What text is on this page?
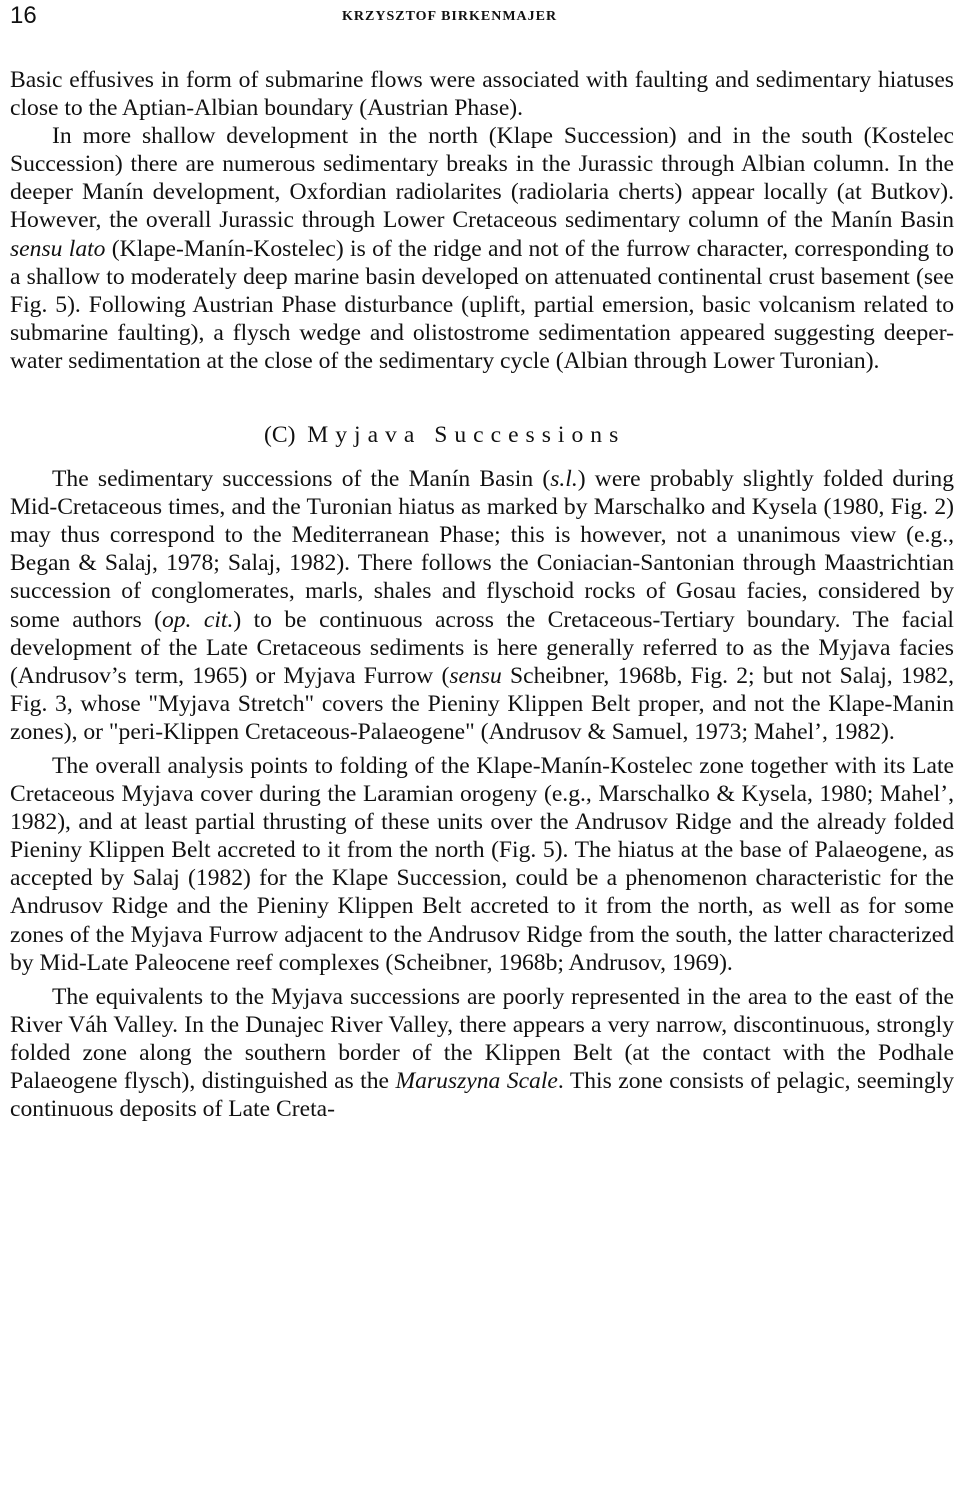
16	KRZYSZTOF BIRKENMAJER

Basic effusives in form of submarine flows were associated with faulting and sedimentary hiatuses close to the Aptian-Albian boundary (Austrian Phase).

In more shallow development in the north (Klape Succession) and in the south (Kostelec Succession) there are numerous sedimentary breaks in the Jurassic through Albian column. In the deeper Manín development, Oxfordian radiolarites (radiolaria cherts) appear locally (at Butkov). However, the overall Jurassic through Lower Cretaceous sedimentary column of the Manín Basin sensu lato (Klape-Manín-Kostelec) is of the ridge and not of the furrow character, corresponding to a shallow to moderately deep marine basin developed on attenuated continental crust basement (see Fig. 5). Following Austrian Phase disturbance (uplift, partial emersion, basic volcanism related to submarine faulting), a flysch wedge and olistostrome sedimentation appeared suggesting deeper-water sedimentation at the close of the sedimentary cycle (Albian through Lower Turonian).

(C) Myjava Successions

The sedimentary successions of the Manín Basin (s.l.) were probably slightly folded during Mid-Cretaceous times, and the Turonian hiatus as marked by Marschalko and Kysela (1980, Fig. 2) may thus correspond to the Mediterranean Phase; this is however, not a unanimous view (e.g., Began & Salaj, 1978; Salaj, 1982). There follows the Coniacian-Santonian through Maastrichtian succession of conglomerates, marls, shales and flyschoid rocks of Gosau facies, considered by some authors (op. cit.) to be continuous across the Cretaceous-Tertiary boundary. The facial development of the Late Cretaceous sediments is here generally referred to as the Myjava facies (Andrusov’s term, 1965) or Myjava Furrow (sensu Scheibner, 1968b, Fig. 2; but not Salaj, 1982, Fig. 3, whose "Myjava Stretch" covers the Pieniny Klippen Belt proper, and not the Klape-Manin zones), or "peri-Klippen Cretaceous-Palaeogene" (Andrusov & Samuel, 1973; Mahel’, 1982).

The overall analysis points to folding of the Klape-Manín-Kostelec zone together with its Late Cretaceous Myjava cover during the Laramian orogeny (e.g., Marschalko & Kysela, 1980; Mahel’, 1982), and at least partial thrusting of these units over the Andrusov Ridge and the already folded Pieniny Klippen Belt accreted to it from the north (Fig. 5). The hiatus at the base of Palaeogene, as accepted by Salaj (1982) for the Klape Succession, could be a phenomenon characteristic for the Andrusov Ridge and the Pieniny Klippen Belt accreted to it from the north, as well as for some zones of the Myjava Furrow adjacent to the Andrusov Ridge from the south, the latter characterized by Mid-Late Paleocene reef complexes (Scheibner, 1968b; Andrusov, 1969).

The equivalents to the Myjava successions are poorly represented in the area to the east of the River Váh Valley. In the Dunajec River Valley, there appears a very narrow, discontinuous, strongly folded zone along the southern border of the Klippen Belt (at the contact with the Podhale Palaeogene flysch), distinguished as the Maruszyna Scale. This zone consists of pelagic, seemingly continuous deposits of Late Creta-
